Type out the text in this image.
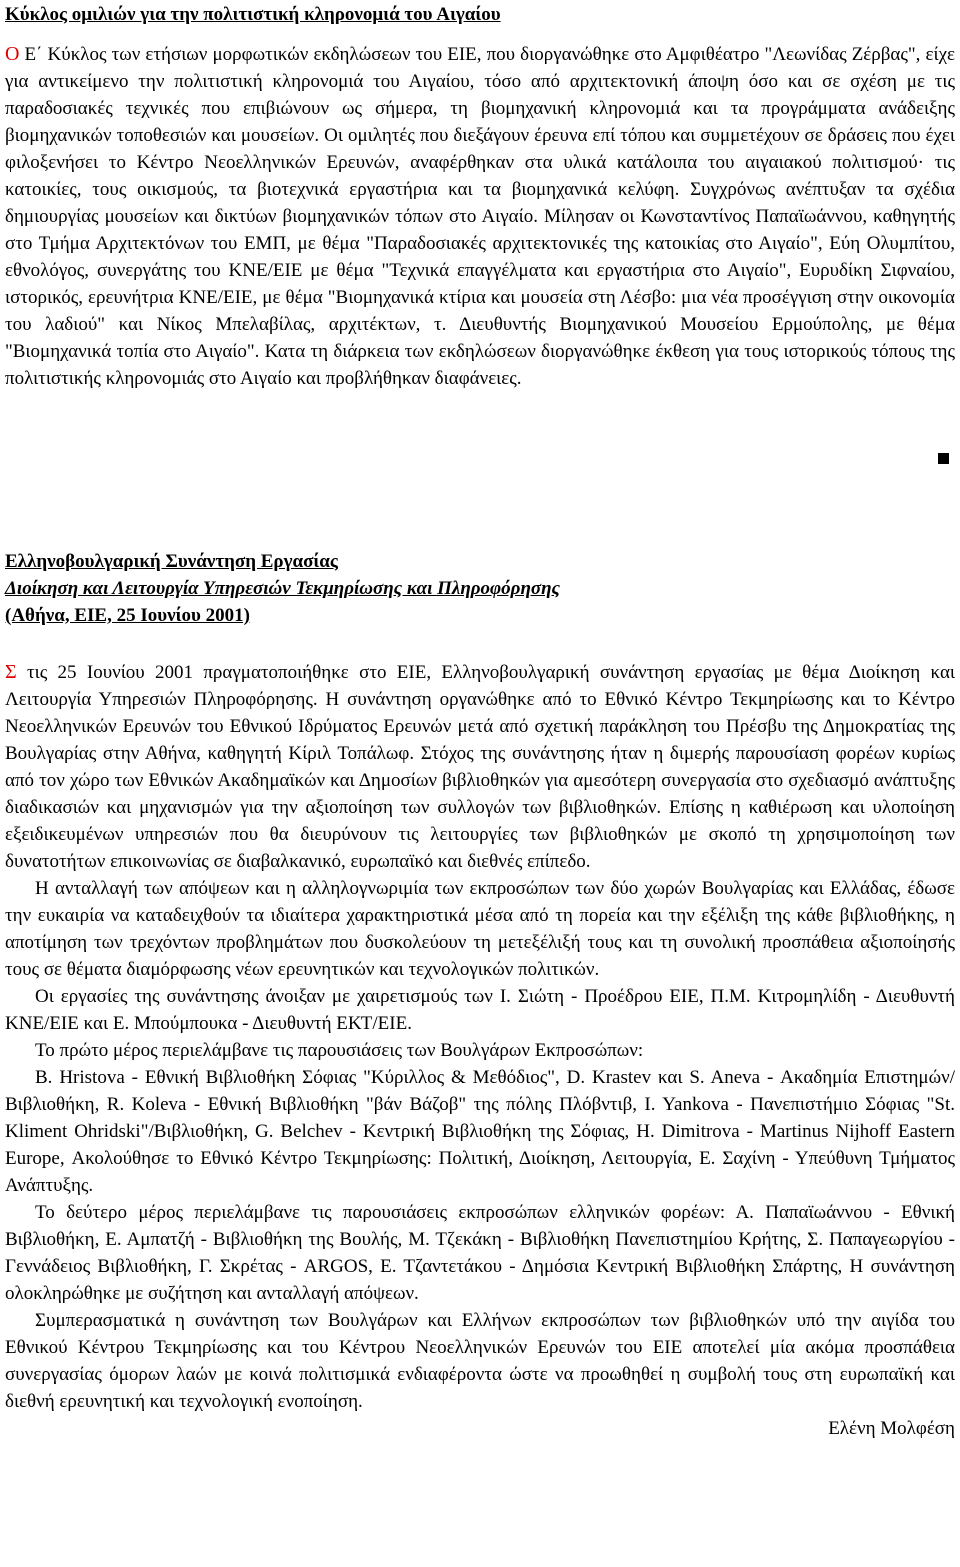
Κύκλος ομιλιών για την πολιτιστική κληρονομιά του Αιγαίου

Ο Ε΄ Κύκλος των ετήσιων μορφωτικών εκδηλώσεων του ΕΙΕ, που διοργανώθηκε στο Αμφιθέατρο "Λεωνίδας Ζέρβας", είχε για αντικείμενο την πολιτιστική κληρονομιά του Αιγαίου, τόσο από αρχιτεκτονική άποψη όσο και σε σχέση με τις παραδοσιακές τεχνικές που επιβιώνουν ως σήμερα, τη βιομηχανική κληρονομιά και τα προγράμματα ανάδειξης βιομηχανικών τοποθεσιών και μουσείων. Οι ομιλητές που διεξάγουν έρευνα επί τόπου και συμμετέχουν σε δράσεις που έχει φιλοξενήσει το Κέντρο Νεοελληνικών Ερευνών, αναφέρθηκαν στα υλικά κατάλοιπα του αιγαιακού πολιτισμού· τις κατοικίες, τους οικισμούς, τα βιοτεχνικά εργαστήρια και τα βιομηχανικά κελύφη. Συγχρόνως ανέπτυξαν τα σχέδια δημιουργίας μουσείων και δικτύων βιομηχανικών τόπων στο Αιγαίο. Μίλησαν οι Κωνσταντίνος Παπαϊωάννου, καθηγητής στο Τμήμα Αρχιτεκτόνων του ΕΜΠ, με θέμα "Παραδοσιακές αρχιτεκτονικές της κατοικίας στο Αιγαίο", Εύη Ολυμπίτου, εθνολόγος, συνεργάτης του ΚΝΕ/ΕΙΕ με θέμα "Τεχνικά επαγγέλματα και εργαστήρια στο Αιγαίο", Ευρυδίκη Σιφναίου, ιστορικός, ερευνήτρια ΚΝΕ/ΕΙΕ, με θέμα "Βιομηχανικά κτίρια και μουσεία στη Λέσβο: μια νέα προσέγγιση στην οικονομία του λαδιού" και Νίκος Μπελαβίλας, αρχιτέκτων, τ. Διευθυντής Βιομηχανικού Μουσείου Ερμούπολης, με θέμα "Βιομηχανικά τοπία στο Αιγαίο". Κατα τη διάρκεια των εκδηλώσεων διοργανώθηκε έκθεση για τους ιστορικούς τόπους της πολιτιστικής κληρονομιάς στο Αιγαίο και προβλήθηκαν διαφάνειες.

Ελληνοβουλγαρική Συνάντηση Εργασίας
Διοίκηση και Λειτουργία Υπηρεσιών Τεκμηρίωσης και Πληροφόρησης
(Αθήνα, ΕΙΕ, 25 Ιουνίου 2001)

Σ τις 25 Ιουνίου 2001 πραγματοποιήθηκε στο ΕΙΕ, Ελληνοβουλγαρική συνάντηση εργασίας με θέμα Διοίκηση και Λειτουργία Υπηρεσιών Πληροφόρησης. Η συνάντηση οργανώθηκε από το Εθνικό Κέντρο Τεκμηρίωσης και το Κέντρο Νεοελληνικών Ερευνών του Εθνικού Ιδρύματος Ερευνών μετά από σχετική παράκληση του Πρέσβυ της Δημοκρατίας της Βουλγαρίας στην Αθήνα, καθηγητή Κίριλ Τοπάλωφ. Στόχος της συνάντησης ήταν η διμερής παρουσίαση φορέων κυρίως από τον χώρο των Εθνικών Ακαδημαϊκών και Δημοσίων βιβλιοθηκών για αμεσότερη συνεργασία στο σχεδιασμό ανάπτυξης διαδικασιών και μηχανισμών για την αξιοποίηση των συλλογών των βιβλιοθηκών. Επίσης η καθιέρωση και υλοποίηση εξειδικευμένων υπηρεσιών που θα διευρύνουν τις λειτουργίες των βιβλιοθηκών με σκοπό τη χρησιμοποίηση των δυνατοτήτων επικοινωνίας σε διαβαλκανικό, ευρωπαϊκό και διεθνές επίπεδο.

Η ανταλλαγή των απόψεων και η αλληλογνωριμία των εκπροσώπων των δύο χωρών Βουλγαρίας και Ελλάδας, έδωσε την ευκαιρία να καταδειχθούν τα ιδιαίτερα χαρακτηριστικά μέσα από τη πορεία και την εξέλιξη της κάθε βιβλιοθήκης, η αποτίμηση των τρεχόντων προβλημάτων που δυσκολεύουν τη μετεξέλιξή τους και τη συνολική προσπάθεια αξιοποίησής τους σε θέματα διαμόρφωσης νέων ερευνητικών και τεχνολογικών πολιτικών.

Οι εργασίες της συνάντησης άνοιξαν με χαιρετισμούς των Ι. Σιώτη - Προέδρου ΕΙΕ, Π.Μ. Κιτρομηλίδη - Διευθυντή ΚΝΕ/ΕΙΕ και Ε. Μπούμπουκα - Διευθυντή ΕΚΤ/ΕΙΕ.

Το πρώτο μέρος περιελάμβανε τις παρουσιάσεις των Βουλγάρων Εκπροσώπων:

B. Hristova - Εθνική Βιβλιοθήκη Σόφιας "Κύριλλος & Μεθόδιος", D. Krastev και S. Aneva - Ακαδημία Επιστημών/Βιβλιοθήκη, R. Koleva - Εθνική Βιβλιοθήκη "βάν Βάζοβ" της πόλης Πλόβντιβ, I. Yankova - Πανεπιστήμιο Σόφιας "St. Kliment Ohridski"/Βιβλιοθήκη, G. Belchev - Κεντρική Βιβλιοθήκη της Σόφιας, H. Dimitrova - Martinus Nijhoff Eastern Europe, Ακολούθησε το Εθνικό Κέντρο Τεκμηρίωσης: Πολιτική, Διοίκηση, Λειτουργία, Ε. Σαχίνη - Υπεύθυνη Τμήματος Ανάπτυξης.

Το δεύτερο μέρος περιελάμβανε τις παρουσιάσεις εκπροσώπων ελληνικών φορέων: Α. Παπαϊωάννου - Εθνική Βιβλιοθήκη, Ε. Αμπατζή - Βιβλιοθήκη της Βουλής, Μ. Τζεκάκη - Βιβλιοθήκη Πανεπιστημίου Κρήτης, Σ. Παπαγεωργίου - Γεννάδειος Βιβλιοθήκη, Γ. Σκρέτας - ARGOS, Ε. Τζαντετάκου - Δημόσια Κεντρική Βιβλιοθήκη Σπάρτης, Η συνάντηση ολοκληρώθηκε με συζήτηση και ανταλλαγή απόψεων.

Συμπερασματικά η συνάντηση των Βουλγάρων και Ελλήνων εκπροσώπων των βιβλιοθηκών υπό την αιγίδα του Εθνικού Κέντρου Τεκμηρίωσης και του Κέντρου Νεοελληνικών Ερευνών του ΕΙΕ αποτελεί μία ακόμα προσπάθεια συνεργασίας όμορων λαών με κοινά πολιτισμικά ενδιαφέροντα ώστε να προωθηθεί η συμβολή τους στη ευρωπαϊκή και διεθνή ερευνητική και τεχνολογική ενοποίηση.

Ελένη Μολφέση
